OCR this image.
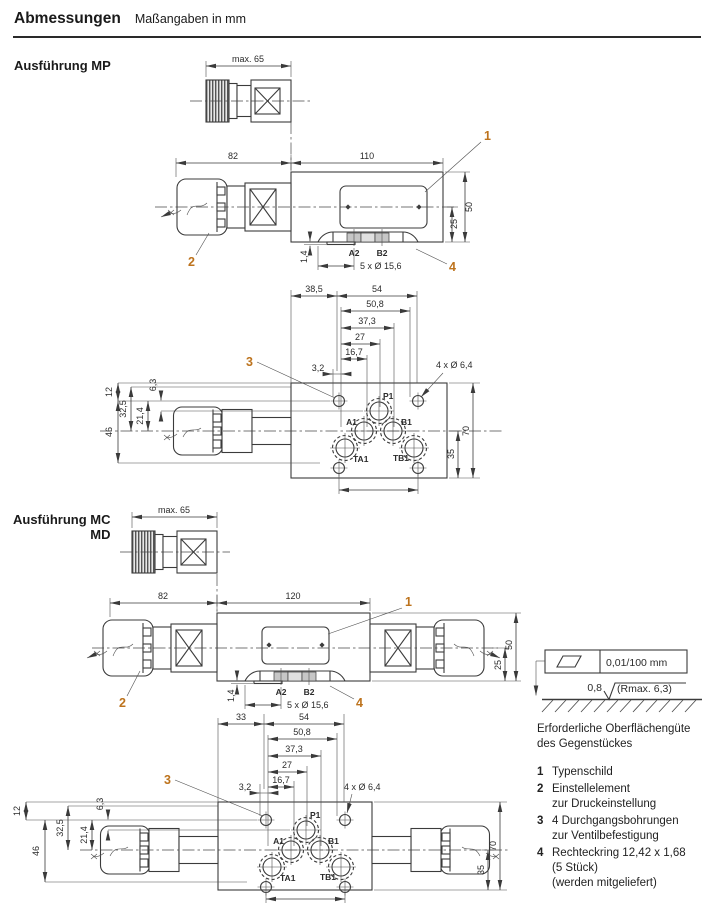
Abmessungen Maßangaben in mm
Ausführung MP
Ausführung MC
MD
max. 65
82	110
50
25
1,4
5 x Ø 15,6
A2 B2
1
2	4
38,5	54
50,8
37,3
27
16,7
3,2
12
46
32,5 21,4
6,3
70
35
P1
A1	B1
TA1	TB1
4 x Ø 6,4
3
max. 65
82	120
50
25
1,4
5 x Ø 15,6
A2 B2
1
2	4
33	54
50,8
37,3
27
16,7
3,2
12
46
32,5 21,4
6,3
70
35
P1
A1	B1
TA1	TB1
4 x Ø 6,4
3
0,01/100 mm
0,8 (Rmax. 6,3)
Erforderliche Oberflächengüte
des Gegenstückes
1 Typenschild
2 Einstellelement
zur Druckeinstellung
3 4 Durchgangsbohrungen
zur Ventilbefestigung
4 Rechteckring 12,42 x 1,68
(5 Stück)
(werden mitgeliefert)
